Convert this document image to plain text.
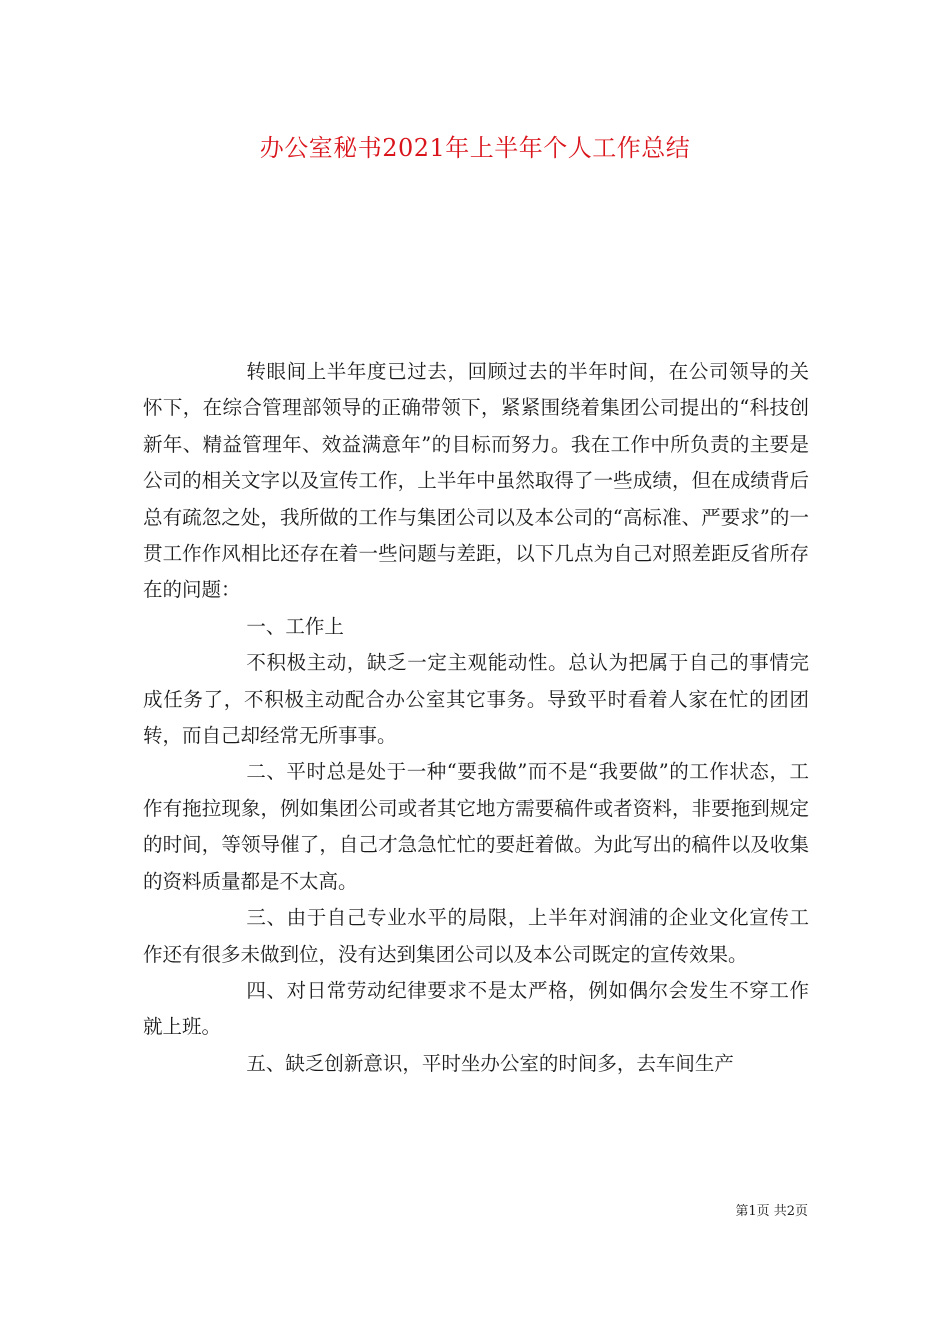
办公室秘书2021年上半年个人工作总结

转眼间上半年度已过去，回顾过去的半年时间，在公司领导的关怀下，在综合管理部领导的正确带领下，紧紧围绕着集团公司提出的“科技创新年、精益管理年、效益满意年”的目标而努力。我在工作中所负责的主要是公司的相关文字以及宣传工作，上半年中虽然取得了一些成绩，但在成绩背后总有疏忽之处，我所做的工作与集团公司以及本公司的“高标准、严要求”的一贯工作作风相比还存在着一些问题与差距，以下几点为自己对照差距反省所存在的问题：

一、工作上

不积极主动，缺乏一定主观能动性。总认为把属于自己的事情完成任务了，不积极主动配合办公室其它事务。导致平时看着人家在忙的团团转，而自己却经常无所事事。

二、平时总是处于一种“要我做”而不是“我要做”的工作状态，工作有拖拉现象，例如集团公司或者其它地方需要稿件或者资料，非要拖到规定的时间，等领导催了，自己才急急忙忙的要赶着做。为此写出的稿件以及收集的资料质量都是不太高。

三、由于自己专业水平的局限，上半年对润浦的企业文化宣传工作还有很多未做到位，没有达到集团公司以及本公司既定的宣传效果。

四、对日常劳动纪律要求不是太严格，例如偶尔会发生不穿工作就上班。

五、缺乏创新意识，平时坐办公室的时间多，去车间生产

第1页 共2页
